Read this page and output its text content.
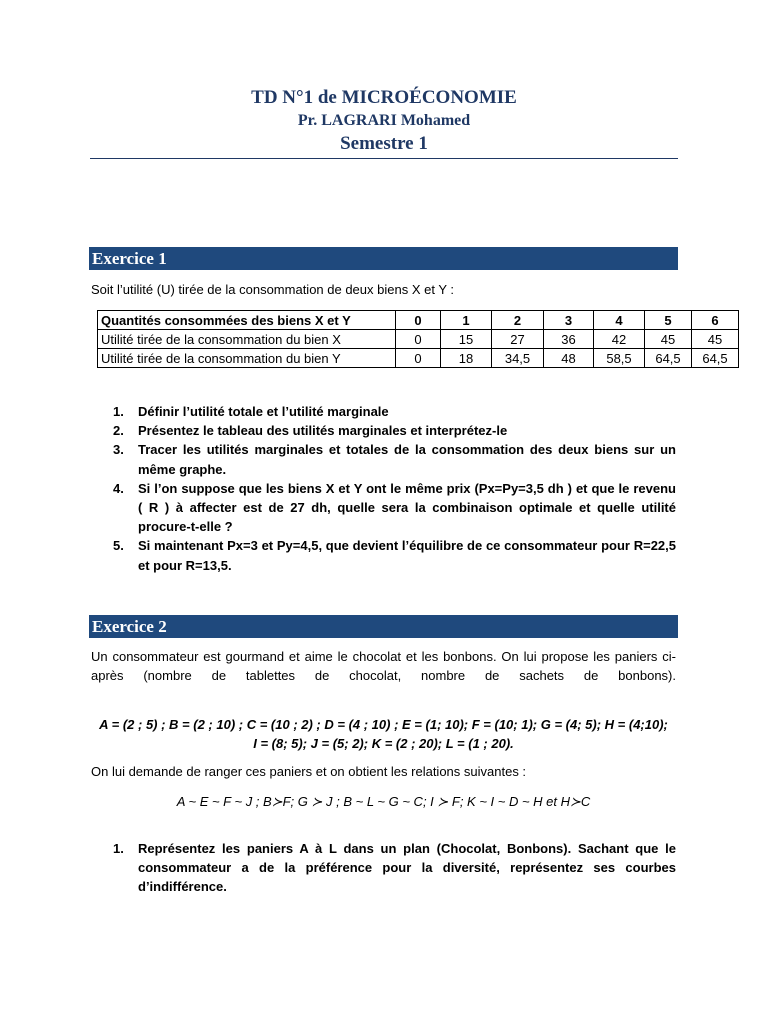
TD N°1 de MICROÉCONOMIE
Pr. LAGRARI Mohamed
Semestre 1
Exercice 1
Soit l’utilité (U) tirée de la consommation de deux biens X et Y :
Quantités consommées des biens X et Y	0	1	2	3	4	5	6
Utilité tirée de la consommation du bien X	0	15	27	36	42	45	45
Utilité tirée de la consommation du bien Y	0	18	34,5	48	58,5	64,5	64,5
1. Définir l’utilité totale et l’utilité marginale
2. Présentez le tableau des utilités marginales et interprétez-le
3. Tracer les utilités marginales et totales de la consommation des deux biens sur un même graphe.
4. Si l’on suppose que les biens X et Y ont le même prix (Px=Py=3,5 dh ) et que le revenu ( R ) à affecter est de 27 dh, quelle sera la combinaison optimale et quelle utilité procure-t-elle ?
5. Si maintenant Px=3 et Py=4,5, que devient l’équilibre de ce consommateur pour R=22,5 et pour R=13,5.
Exercice 2
Un consommateur est gourmand et aime le chocolat et les bonbons. On lui propose les paniers ci-après (nombre de tablettes de chocolat, nombre de sachets de bonbons).
A = (2 ; 5) ; B = (2 ; 10) ; C = (10 ; 2) ; D = (4 ; 10) ; E = (1; 10); F = (10; 1); G = (4; 5); H = (4;10);
I = (8; 5); J = (5; 2); K = (2 ; 20); L = (1 ; 20).
On lui demande de ranger ces paniers et on obtient les relations suivantes :
A ~ E ~ F ~ J ; B≻F; G ≻ J ; B ~ L ~ G ~ C; I ≻ F; K ~ I ~ D ~ H et H≻C
1. Représentez les paniers A à L dans un plan (Chocolat, Bonbons). Sachant que le consommateur a de la préférence pour la diversité, représentez ses courbes d’indifférence.
